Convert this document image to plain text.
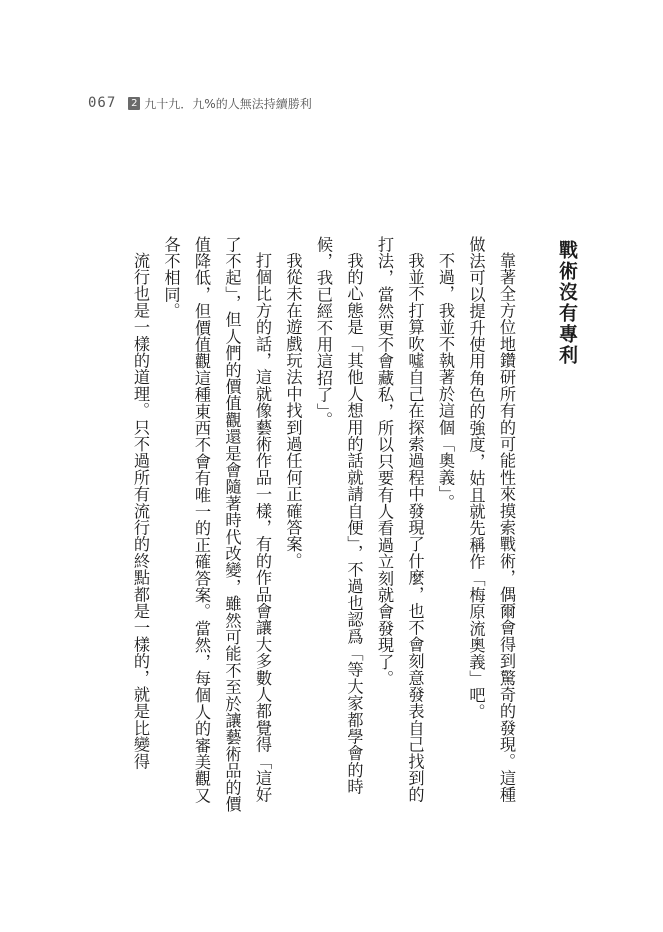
067 2 九十九．九%的人無法持續勝利
戰術沒有專利

靠著全方位地鑽研所有的可能性來摸索戰術，偶爾會得到驚奇的發現。這種做法可以提升使用角色的強度，姑且就先稱作「梅原流奧義」吧。

不過，我並不執著於這個「奧義」。

我並不打算吹噓自己在探索過程中發現了什麼，也不會刻意發表自己找到的打法，當然更不會藏私，所以只要有人看過立刻就會發現了。

我的心態是「其他人想用的話就請自便」，不過也認爲「等大家都學會的時候，我已經不用這招了」。

我從未在遊戲玩法中找到過任何正確答案。

打個比方的話，這就像藝術作品一樣，有的作品會讓大多數人都覺得「這好了不起」，但人們的價值觀還是會隨著時代改變，雖然可能不至於讓藝術品的價值降低，但價值觀這種東西不會有唯一的正確答案。當然，每個人的審美觀又各不相同。

流行也是一樣的道理。只不過所有流行的終點都是一樣的，就是比變得
